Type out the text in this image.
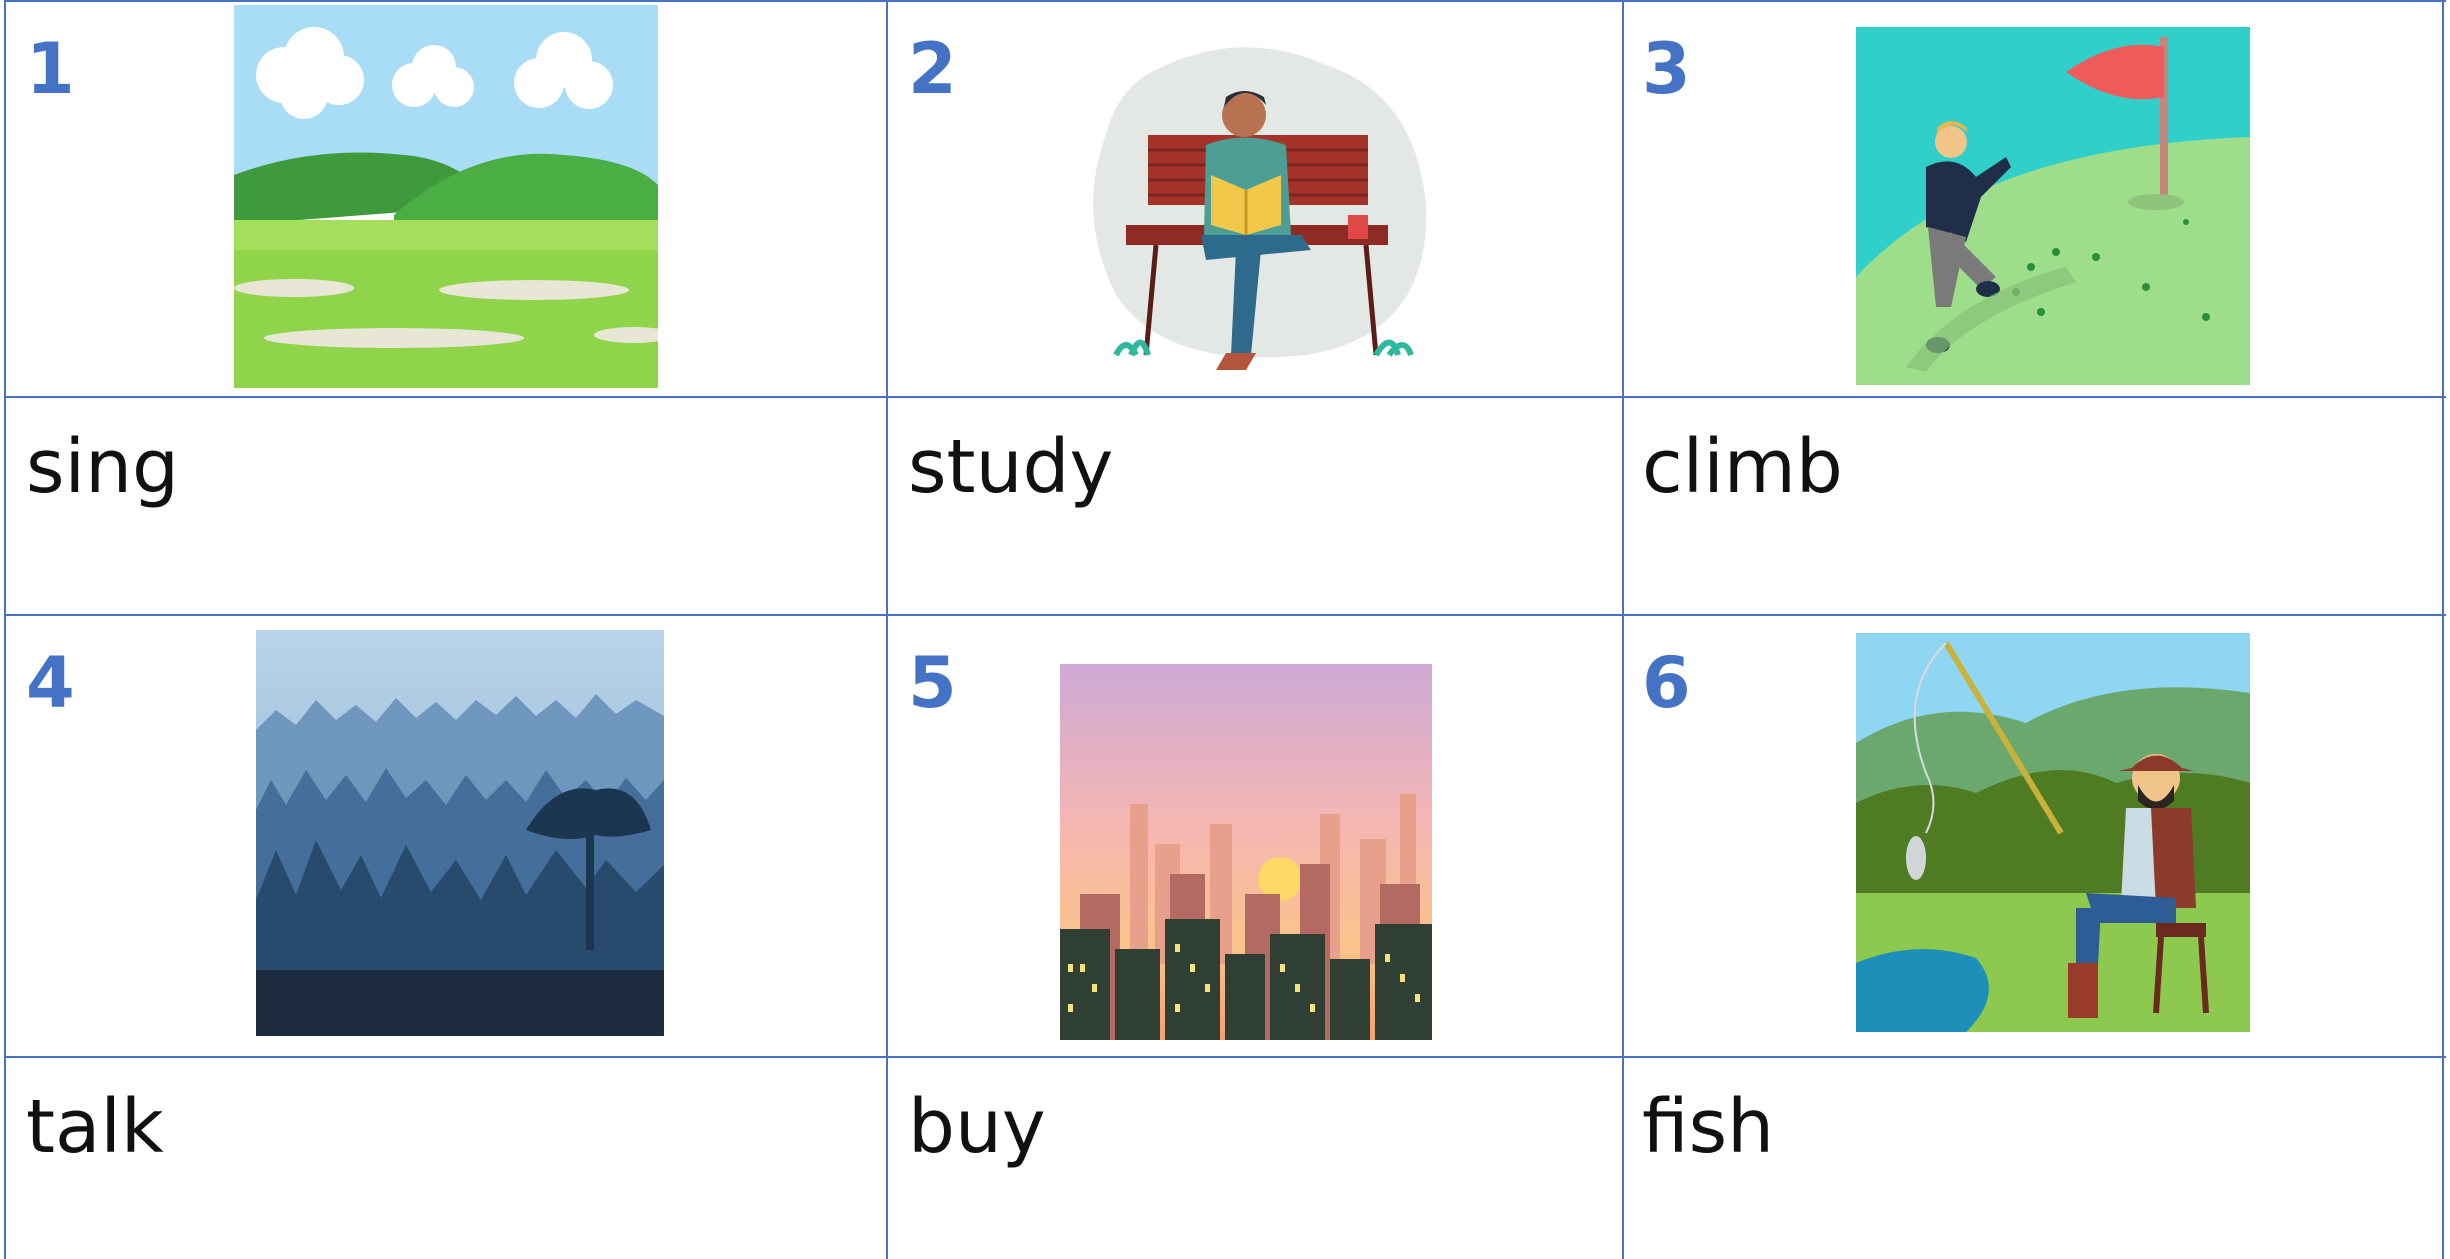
1
sing
2
study
3
climb
4
talk
5
buy
6
fish
